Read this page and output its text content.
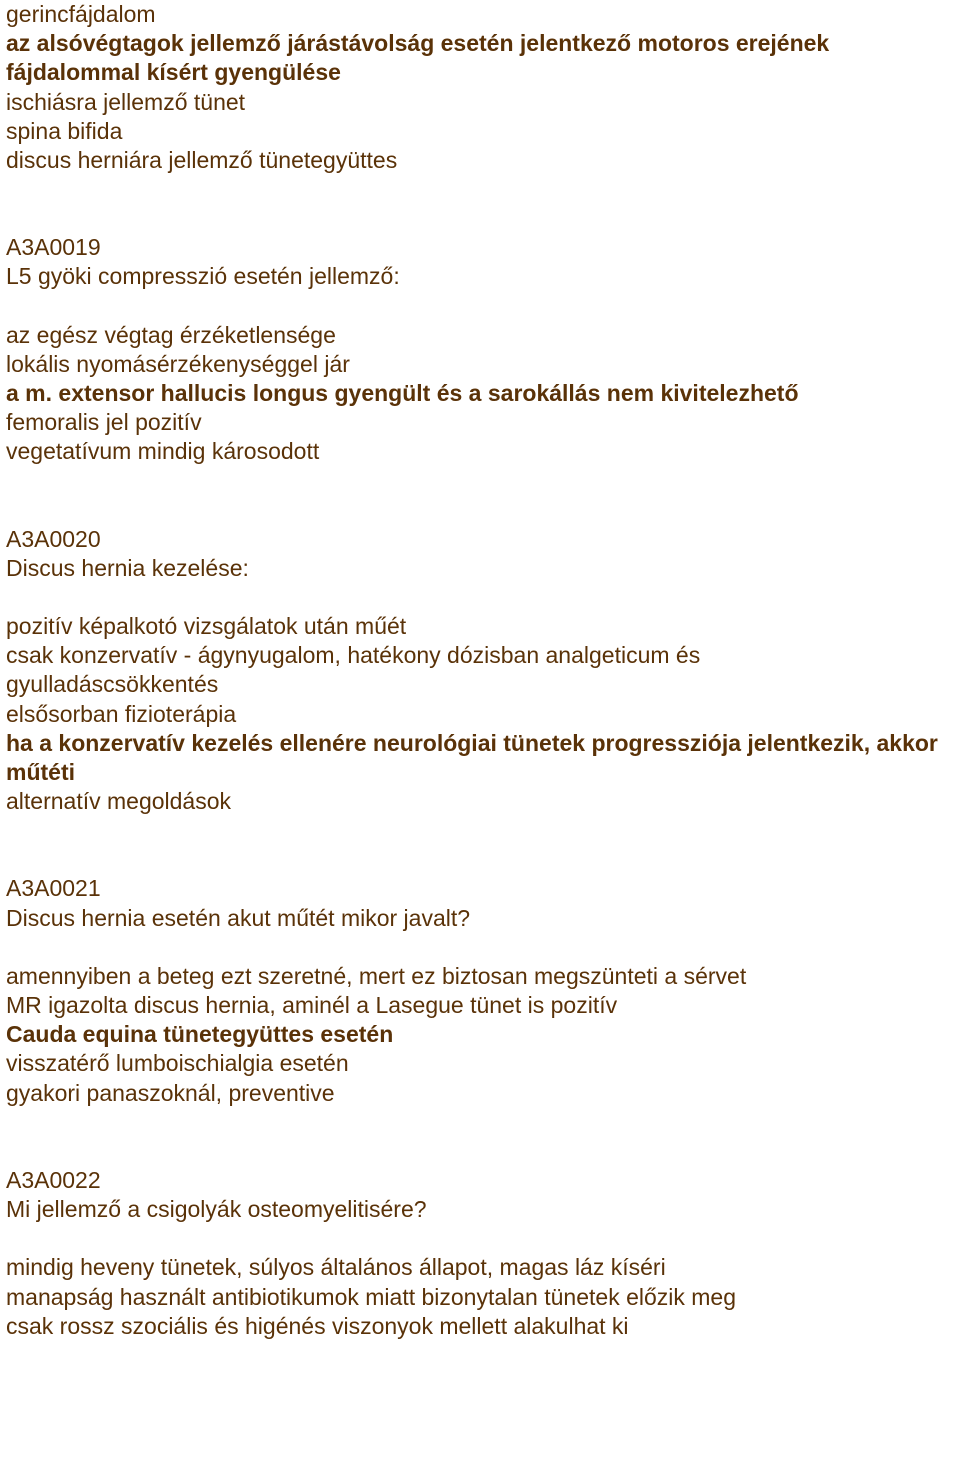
gerincfájdalom
az alsóvégtagok jellemző járástávolság esetén jelentkező motoros erejének fájdalommal kísért gyengülése
ischiásra jellemző tünet
spina bifida
discus herniára jellemző tünetegyüttes
A3A0019
L5 gyöki compresszió esetén jellemző:
az egész végtag érzéketlensége
lokális nyomásérzékenységgel jár
a m. extensor hallucis longus gyengült és a sarokállás nem kivitelezhető
femoralis jel pozitív
vegetatívum mindig károsodott
A3A0020
Discus hernia kezelése:
pozitív képalkotó vizsgálatok után műét
csak konzervatív - ágynyugalom, hatékony dózisban analgeticum és gyulladáscsökkentés
elsősorban fizioterápia
ha a konzervatív kezelés ellenére neurológiai tünetek progressziója jelentkezik, akkor műtéti
alternatív megoldások
A3A0021
Discus hernia esetén akut műtét mikor javalt?
amennyiben a beteg ezt szeretné, mert ez biztosan megszünteti a sérvet
MR igazolta discus hernia, aminél a Lasegue tünet is pozitív
Cauda equina tünetegyüttes esetén
visszatérő lumboischialgia esetén
gyakori panaszoknál, preventive
A3A0022
Mi jellemző a csigolyák osteomyelitisére?
mindig heveny tünetek, súlyos általános állapot, magas láz kíséri
manapság használt antibiotikumok miatt bizonytalan tünetek előzik meg
csak rossz szociális és higénés viszonyok mellett alakulhat ki
